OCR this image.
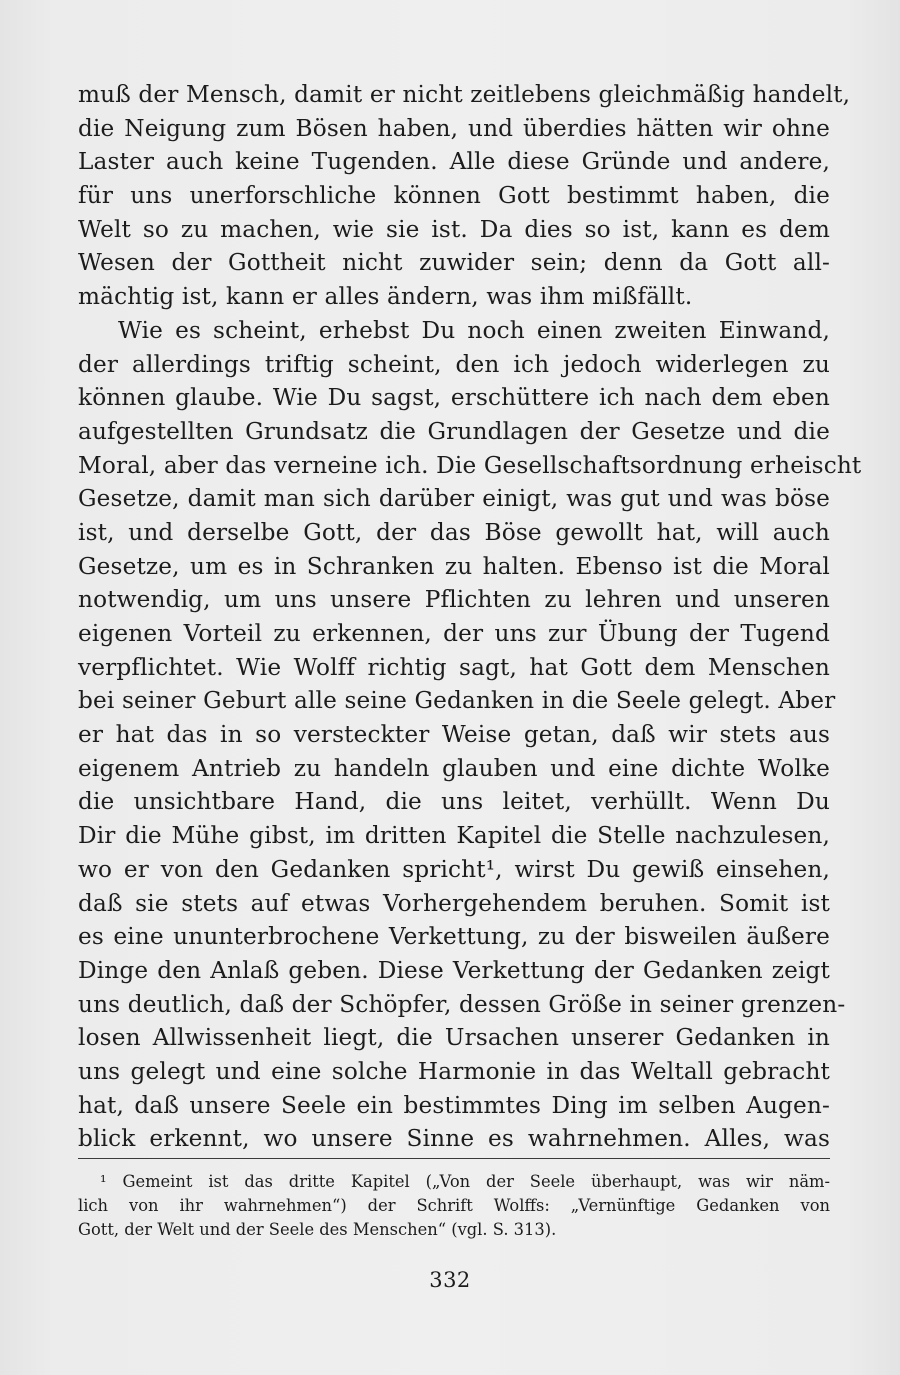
muß der Mensch, damit er nicht zeitlebens gleichmäßig handelt,
die Neigung zum Bösen haben, und überdies hätten wir ohne
Laster auch keine Tugenden. Alle diese Gründe und andere,
für uns unerforschliche können Gott bestimmt haben, die
Welt so zu machen, wie sie ist. Da dies so ist, kann es dem
Wesen der Gottheit nicht zuwider sein; denn da Gott all-
mächtig ist, kann er alles ändern, was ihm mißfällt.
Wie es scheint, erhebst Du noch einen zweiten Einwand,
der allerdings triftig scheint, den ich jedoch widerlegen zu
können glaube. Wie Du sagst, erschüttere ich nach dem eben
aufgestellten Grundsatz die Grundlagen der Gesetze und die
Moral, aber das verneine ich. Die Gesellschaftsordnung erheischt
Gesetze, damit man sich darüber einigt, was gut und was böse
ist, und derselbe Gott, der das Böse gewollt hat, will auch
Gesetze, um es in Schranken zu halten. Ebenso ist die Moral
notwendig, um uns unsere Pflichten zu lehren und unseren
eigenen Vorteil zu erkennen, der uns zur Übung der Tugend
verpflichtet. Wie Wolff richtig sagt, hat Gott dem Menschen
bei seiner Geburt alle seine Gedanken in die Seele gelegt. Aber
er hat das in so versteckter Weise getan, daß wir stets aus
eigenem Antrieb zu handeln glauben und eine dichte Wolke
die unsichtbare Hand, die uns leitet, verhüllt. Wenn Du
Dir die Mühe gibst, im dritten Kapitel die Stelle nachzulesen,
wo er von den Gedanken spricht¹, wirst Du gewiß einsehen,
daß sie stets auf etwas Vorhergehendem beruhen. Somit ist
es eine ununterbrochene Verkettung, zu der bisweilen äußere
Dinge den Anlaß geben. Diese Verkettung der Gedanken zeigt
uns deutlich, daß der Schöpfer, dessen Größe in seiner grenzen-
losen Allwissenheit liegt, die Ursachen unserer Gedanken in
uns gelegt und eine solche Harmonie in das Weltall gebracht
hat, daß unsere Seele ein bestimmtes Ding im selben Augen-
blick erkennt, wo unsere Sinne es wahrnehmen. Alles, was
¹ Gemeint ist das dritte Kapitel („Von der Seele überhaupt, was wir näm-
lich von ihr wahrnehmen“) der Schrift Wolffs: „Vernünftige Gedanken von
Gott, der Welt und der Seele des Menschen“ (vgl. S. 313).
332
